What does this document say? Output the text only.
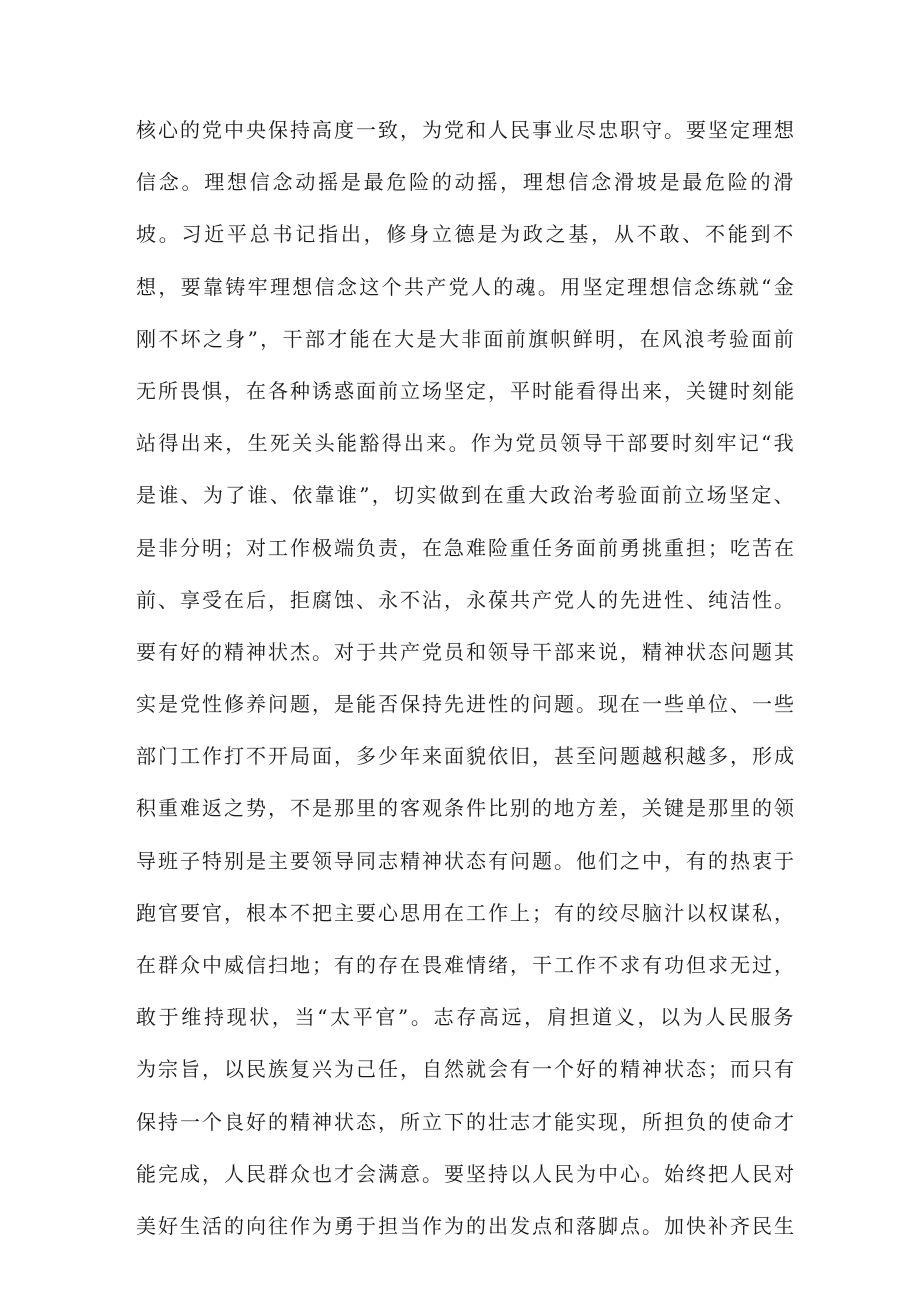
核心的党中央保持高度一致，为党和人民事业尽忠职守。要坚定理想
信念。理想信念动摇是最危险的动摇，理想信念滑坡是最危险的滑
坡。习近平总书记指出，修身立德是为政之基，从不敢、不能到不
想，要靠铸牢理想信念这个共产党人的魂。用坚定理想信念练就“金
刚不坏之身”，干部才能在大是大非面前旗帜鲜明，在风浪考验面前
无所畏惧，在各种诱惑面前立场坚定，平时能看得出来，关键时刻能
站得出来，生死关头能豁得出来。作为党员领导干部要时刻牢记“我
是谁、为了谁、依靠谁”，切实做到在重大政治考验面前立场坚定、
是非分明；对工作极端负责，在急难险重任务面前勇挑重担；吃苦在
前、享受在后，拒腐蚀、永不沾，永葆共产党人的先进性、纯洁性。
要有好的精神状杰。对于共产党员和领导干部来说，精神状态问题其
实是党性修养问题，是能否保持先进性的问题。现在一些单位、一些
部门工作打不开局面，多少年来面貌依旧，甚至问题越积越多，形成
积重难返之势，不是那里的客观条件比别的地方差，关键是那里的领
导班子特别是主要领导同志精神状态有问题。他们之中，有的热衷于
跑官要官，根本不把主要心思用在工作上；有的绞尽脑汁以权谋私，
在群众中威信扫地；有的存在畏难情绪，干工作不求有功但求无过，
敢于维持现状，当“太平官”。志存高远，肩担道义，以为人民服务
为宗旨，以民族复兴为己任，自然就会有一个好的精神状态；而只有
保持一个良好的精神状态，所立下的壮志才能实现，所担负的使命才
能完成，人民群众也才会满意。要坚持以人民为中心。始终把人民对
美好生活的向往作为勇于担当作为的出发点和落脚点。加快补齐民生
